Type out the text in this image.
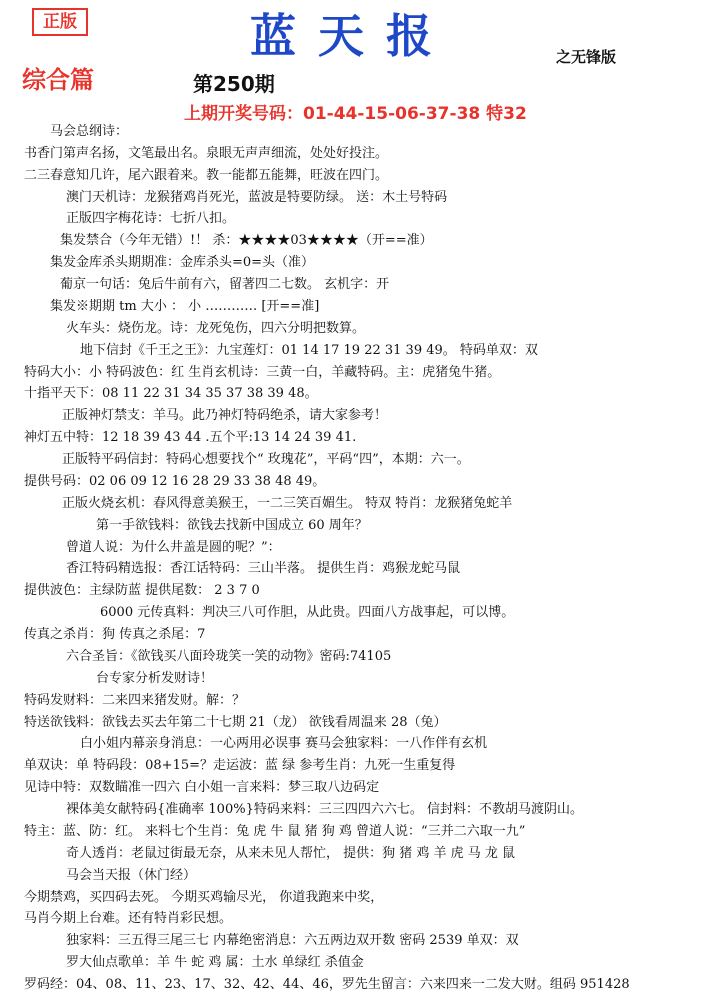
正版	蓝天报	之无锋版
综合篇	第250期
上期开奖号码：01-44-15-06-37-38 特32
马会总纲诗：
书香门第声名扬，文笔最出名。泉眼无声声细流，处处好投注。
二三春意知几许，尾六跟着来。教一能都五能舞，旺波在四门。
澳门天机诗：龙猴猪鸡肖死光，蓝波是特要防绿。 送：木土号特码
正版四字梅花诗：七折八扣。
集发禁合（今年无错）!！ 杀：★★★★03★★★★（开==准）
集发金库杀头期期准：金库杀头=0=头（准）
葡京一句话：兔后牛前有六，留著四二七数。 玄机字：开
集发※期期 tm 大小 ： 小 ………… [开==准]
火车头：烧伤龙。诗：龙死兔伤，四六分明把数算。
地下信封《千王之王》：九宝莲灯：01 14 17 19 22 31 39 49。 特码单双：双
特码大小：小 特码波色：红 生肖玄机诗：三黄一白，羊藏特码。主：虎猪兔牛猪。
十指平天下：08 11 22 31 34 35 37 38 39 48。
正版神灯禁支：羊马。此乃神灯特码绝杀，请大家参考！
神灯五中特：12 18 39 43 44 .五个平:13 14 24 39 41.
正版特平码信封：特码心想要找个“ 玫瑰花”，平码“四”，本期：六一。
提供号码：02 06 09 12 16 28 29 33 38 48 49。
正版火烧玄机：春风得意美猴王，一二三笑百媚生。 特双 特肖：龙猴猪兔蛇羊
第一手欲钱料：欲钱去找新中国成立 60 周年？
曾道人说：为什么井盖是圆的呢？”：
香江特码精选报：香江话特码：三山半落。 提供生肖：鸡猴龙蛇马鼠
提供波色：主绿防蓝 提供尾数： 2 3 7 0
6000 元传真料：判决三八可作胆，从此贵。四面八方战事起，可以博。
传真之杀肖：狗 传真之杀尾：7
六合圣旨：《欲钱买八面玲珑笑一笑的动物》密码:74105
台专家分析发财诗！
特码发财料：二来四来猪发财。解：？
特送欲钱料：欲钱去买去年第二十七期 21（龙） 欲钱看周温来 28（兔）
白小姐内幕亲身消息：一心两用必误事 赛马会独家料：一八作伴有玄机
单双诀：单 特码段：08+15=？走运波：蓝 绿 参考生肖：九死一生重复得
见诗中特：双数瞄准一四六 白小姐一言来料：梦三取八边码定
裸体美女献特码{准确率 100%}特码来料：三三四四六六七。 信封料：不教胡马渡阴山。
特主：蓝、防：红。 来料七个生肖：兔 虎 牛 鼠 猪 狗 鸡 曾道人说：“三并二六取一九”
奇人透肖：老鼠过街最无奈，从来未见人帮忙， 提供：狗 猪 鸡 羊 虎 马 龙 鼠
马会当天报（休门经）
今期禁鸡，买四码去死。 今期买鸡输尽光， 你道我跑来中奖，
马肖今期上台难。还有特肖彩民想。
独家料：三五得三尾三七 内幕绝密消息：六五两边双开数 密码 2539 单双：双
罗大仙点歌单：羊 牛 蛇 鸡 属：土水 单绿红 杀值金
罗码经：04、08、11、23、17、32、42、44、46，罗先生留言：六来四来一二发大财。组码 951428
